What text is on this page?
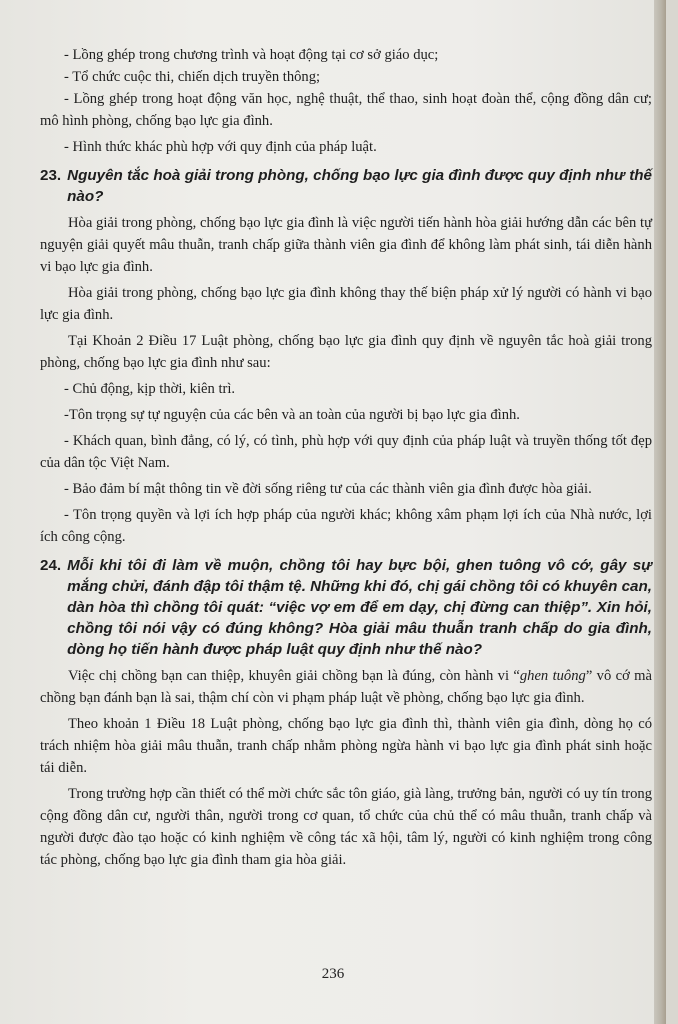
- Lồng ghép trong chương trình và hoạt động tại cơ sở giáo dục;

- Tổ chức cuộc thi, chiến dịch truyền thông;

- Lồng ghép trong hoạt động văn học, nghệ thuật, thể thao, sinh hoạt đoàn thể, cộng đồng dân cư; mô hình phòng, chống bạo lực gia đình.

- Hình thức khác phù hợp với quy định của pháp luật.

23. Nguyên tắc hoà giải trong phòng, chống bạo lực gia đình được quy định như thế nào?

Hòa giải trong phòng, chống bạo lực gia đình là việc người tiến hành hòa giải hướng dẫn các bên tự nguyện giải quyết mâu thuẫn, tranh chấp giữa thành viên gia đình để không làm phát sinh, tái diễn hành vi bạo lực gia đình.

Hòa giải trong phòng, chống bạo lực gia đình không thay thế biện pháp xử lý người có hành vi bạo lực gia đình.

Tại Khoản 2 Điều 17 Luật phòng, chống bạo lực gia đình quy định về nguyên tắc hoà giải trong phòng, chống bạo lực gia đình như sau:

- Chủ động, kịp thời, kiên trì.

-Tôn trọng sự tự nguyện của các bên và an toàn của người bị bạo lực gia đình.

- Khách quan, bình đẳng, có lý, có tình, phù hợp với quy định của pháp luật và truyền thống tốt đẹp của dân tộc Việt Nam.

- Bảo đảm bí mật thông tin về đời sống riêng tư của các thành viên gia đình được hòa giải.

- Tôn trọng quyền và lợi ích hợp pháp của người khác; không xâm phạm lợi ích của Nhà nước, lợi ích công cộng.

24. Mỗi khi tôi đi làm về muộn, chồng tôi hay bực bội, ghen tuông vô cớ, gây sự mắng chửi, đánh đập tôi thậm tệ. Những khi đó, chị gái chồng tôi có khuyên can, dàn hòa thì chồng tôi quát: “việc vợ em để em dạy, chị đừng can thiệp”. Xin hỏi, chồng tôi nói vậy có đúng không? Hòa giải mâu thuẫn tranh chấp do gia đình, dòng họ tiến hành được pháp luật quy định như thế nào?

Việc chị chồng bạn can thiệp, khuyên giải chồng bạn là đúng, còn hành vi “ghen tuông” vô cớ mà chồng bạn đánh bạn là sai, thậm chí còn vi phạm pháp luật về phòng, chống bạo lực gia đình.

Theo khoản 1 Điều 18 Luật phòng, chống bạo lực gia đình thì, thành viên gia đình, dòng họ có trách nhiệm hòa giải mâu thuẫn, tranh chấp nhằm phòng ngừa hành vi bạo lực gia đình phát sinh hoặc tái diễn.

Trong trường hợp cần thiết có thể mời chức sắc tôn giáo, già làng, trưởng bản, người có uy tín trong cộng đồng dân cư, người thân, người trong cơ quan, tổ chức của chủ thể có mâu thuẫn, tranh chấp và người được đào tạo hoặc có kinh nghiệm về công tác xã hội, tâm lý, người có kinh nghiệm trong công tác phòng, chống bạo lực gia đình tham gia hòa giải.

236
